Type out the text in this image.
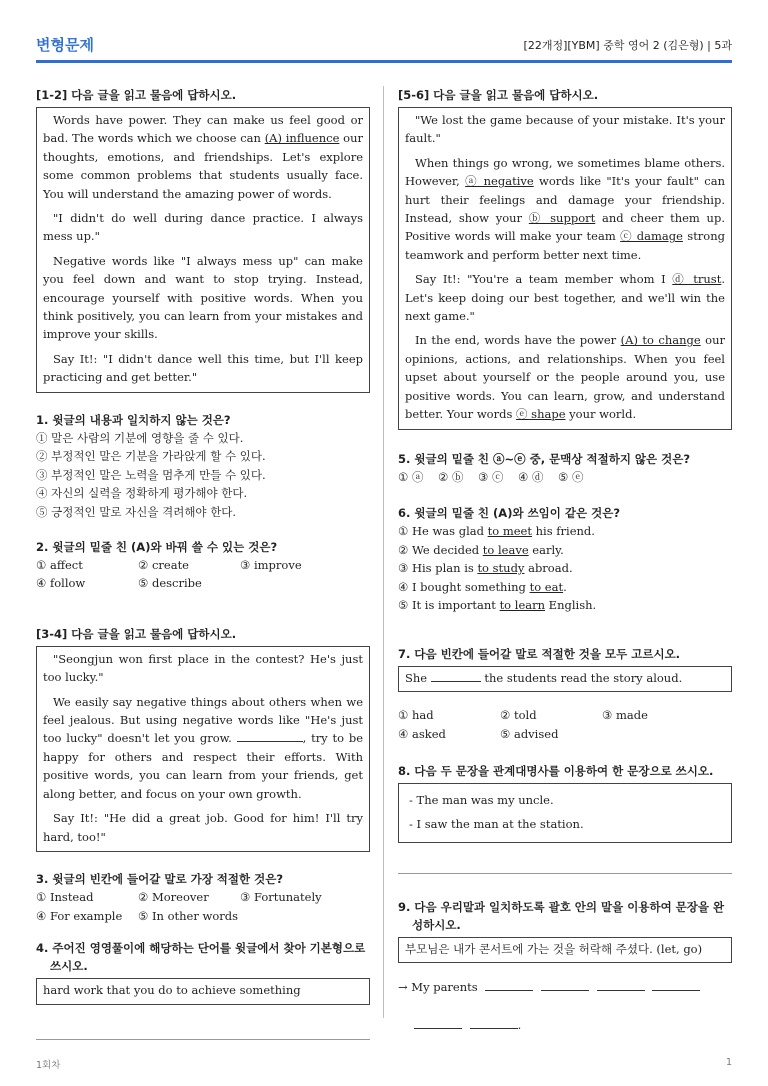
변형문제	[22개정][YBM] 중학 영어 2 (김은형) | 5과
[1-2] 다음 글을 읽고 물음에 답하시오.

Words have power. They can make us feel good or bad. The words which we choose can (A) influence our thoughts, emotions, and friendships. Let's explore some common problems that students usually face. You will understand the amazing power of words.

"I didn't do well during dance practice. I always mess up."

Negative words like "I always mess up" can make you feel down and want to stop trying. Instead, encourage yourself with positive words. When you think positively, you can learn from your mistakes and improve your skills.

Say It!: "I didn't dance well this time, but I'll keep practicing and get better."

1. 윗글의 내용과 일치하지 않는 것은?
① 말은 사람의 기분에 영향을 줄 수 있다.
② 부정적인 말은 기분을 가라앉게 할 수 있다.
③ 부정적인 말은 노력을 멈추게 만들 수 있다.
④ 자신의 실력을 정확하게 평가해야 한다.
⑤ 긍정적인 말로 자신을 격려해야 한다.
2. 윗글의 밑줄 친 (A)와 바꿔 쓸 수 있는 것은?
① affect	② create	③ improve
④ follow	⑤ describe
[3-4] 다음 글을 읽고 물음에 답하시오.

"Seongjun won first place in the contest? He's just too lucky."

We easily say negative things about others when we feel jealous. But using negative words like "He's just too lucky" doesn't let you grow.	, try to be happy for others and respect their efforts. With positive words, you can learn from your friends, get along better, and focus on your own growth.

Say It!: "He did a great job. Good for him! I'll try hard, too!"

3. 윗글의 빈칸에 들어갈 말로 가장 적절한 것은?
① Instead	② Moreover	③ Fortunately
④ For example	⑤ In other words
4. 주어진 영영풀이에 해당하는 단어를 윗글에서 찾아 기본형으로 쓰시오.
hard work that you do to achieve something
[5-6] 다음 글을 읽고 물음에 답하시오.

"We lost the game because of your mistake. It's your fault."

When things go wrong, we sometimes blame others. However, ⓐ negative words like "It's your fault" can hurt their feelings and damage your friendship. Instead, show your ⓑ support and cheer them up. Positive words will make your team ⓒ damage strong teamwork and perform better next time.

Say It!: "You're a team member whom I ⓓ trust. Let's keep doing our best together, and we'll win the next game."

In the end, words have the power (A) to change our opinions, actions, and relationships. When you feel upset about yourself or the people around you, use positive words. You can learn, grow, and understand better. Your words ⓔ shape your world.

5. 윗글의 밑줄 친 ⓐ~ⓔ 중, 문맥상 적절하지 않은 것은?
① ⓐ	② ⓑ	③ ⓒ	④ ⓓ	⑤ ⓔ
6. 윗글의 밑줄 친 (A)와 쓰임이 같은 것은?
① He was glad to meet his friend.
② We decided to leave early.
③ His plan is to study abroad.
④ I bought something to eat.
⑤ It is important to learn English.
7. 다음 빈칸에 들어갈 말로 적절한 것을 모두 고르시오.
She	the students read the story aloud.
① had	② told	③ made
④ asked	⑤ advised
8. 다음 두 문장을 관계대명사를 이용하여 한 문장으로 쓰시오.
- The man was my uncle.
- I saw the man at the station.
9. 다음 우리말과 일치하도록 괄호 안의 말을 이용하여 문장을 완성하시오.
부모님은 내가 콘서트에 가는 것을 허락해 주셨다. (let, go)
→ My parents
.
1회차	1
